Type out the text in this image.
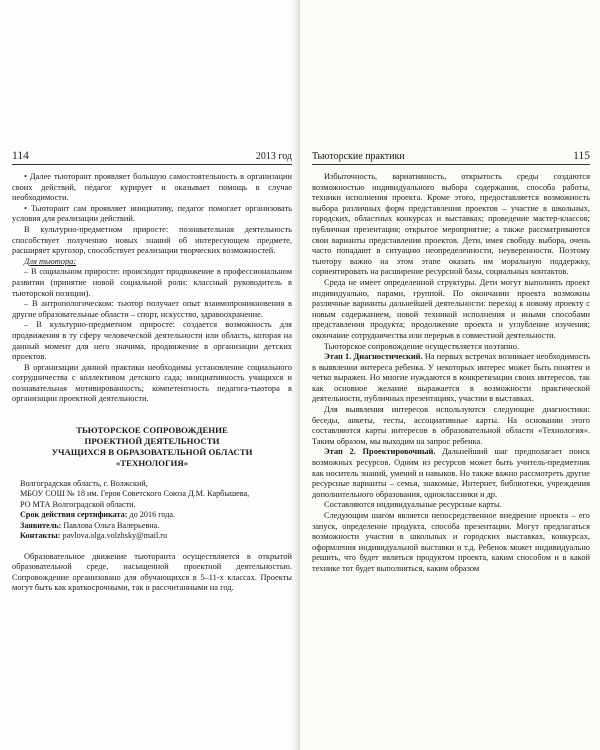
114	2013 год

• Далее тьюторант проявляет большую самостоятельность в организации своих действий, педагог курирует и оказывает помощь в случае необходимости.

• Тьюторант сам проявляет инициативу, педагог помогает организовать условия для реализации действий.

В культурно-предметном приросте: познавательная деятельность способствует полученню новых знаний об интересующем предмете, расширяет кругозор, способствует реализации творческих возможностей.

Для тьютора:

– В социальном приросте: происходит продвижение в профессиональном развитии (принятие новой социальной роли: классный руководитель в тьюторской позиции).

– В антропологическом: тьютор получает опыт взаимопроникновения в другие образовательные области – спорт, искусство, здравоохранение.

– В культурно-предметном приросте: создается возможность для продвижения в ту сферу человеческой деятельности или область, которая на данный момент для него значима, продвижение в организации детских проектов.

В организации данной практики необходимы установление социального сотрудничества с коллективом детского сада; инициативность учащихся и познавательная мотивированность; компетентность педагога-тьютора в организации проектной деятельности.

ТЬЮТОРСКОЕ СОПРОВОЖДЕНИЕ
ПРОЕКТНОЙ ДЕЯТЕЛЬНОСТИ
УЧАЩИХСЯ В ОБРАЗОВАТЕЛЬНОЙ ОБЛАСТИ
«ТЕХНОЛОГИЯ»
Волгоградская область, г. Волжский,
МБОУ СОШ № 18 им. Героя Советского Союза Д.М. Карбышева,
РО МТА Волгоградской области.
Срок действия сертификата: до 2016 года.
Заявитель: Павлова Ольга Валерьевна.
Контакты: pavlova.olga.volzhsky@mail.ru

Образовательное движение тьюторанта осуществляется в открытой образовательной среде, насыщенной проектной деятельностью. Сопровождение организовано для обучающихся в 5–11-х классах. Проекты могут быть как краткосрочными, так и рассчитанными на год.

Тьюторские практики	115

Избыточность, вариативность, открытость среды создаются возможностью индивидуального выбора содержания, способа работы, техники исполнения проекта. Кроме этого, предоставляется возможность выбора различных форм представления проектов – участие в школьных, городских, областных конкурсах и выставках; проведение мастер-классов; публичная презентация; открытое мероприятие; а также рассматриваются свои варианты представления проектов. Дети, имея свободу выбора, очень часто попадают в ситуацию неопределенности, неуверенности. Поэтому тьютору важно на этом этапе оказать им моральную поддержку, сориентировать на расширение ресурсной базы, социальных контактов.

Среда не имеет определенной структуры. Дети могут выполнять проект индивидуально, парами, группой. По окончании проекта возможны различные варианты дальнейшей деятельности: переход к новому проекту с новым содержанием, новой техникой исполнения и иными способами представления продукта; продолжение проекта и углубление изучения; окончание сотрудничества или перерыв в совместной деятельности.

Тьюторское сопровождение осуществляется поэтапно.

Этап 1. Диагностический. На первых встречах возникает необходимость в выявлении интереса ребенка. У некоторых интерес может быть понятен и четко выражен. Но многие нуждаются в конкретизации своих интересов, так как основное желание выражается в возможности практической деятельности, публичных презентациях, участии в выставках.

Для выявления интересов используются следующие диагностики: беседы, анкеты, тесты, ассоциативные карты. На основании этого составляются карты интересов в образовательной области «Технология». Таким образом, мы выходим на запрос ребенка.

Этап 2. Проектировочный. Дальнейший шаг предполагает поиск возможных ресурсов. Одним из ресурсов может быть учитель-предметник как носитель знаний, умений и навыков. Но также важно рассмотреть другие ресурсные варианты – семья, знакомые, Интернет, библиотеки, учреждения дополнительного образования, одноклассники и др.

Составляются индивидуальные ресурсные карты.

Следующим шагом является непосредственное внедрение проекта – его запуск, определение продукта, способа презентации. Могут предлагаться возможности участия в школьных и городских выставках, конкурсах, оформления индивидуальной выставки и т.д. Ребенок может индивидуально решить, что будет являться продуктом проекта, каким способом и в какой технике тот будет выполняться, каким образом
